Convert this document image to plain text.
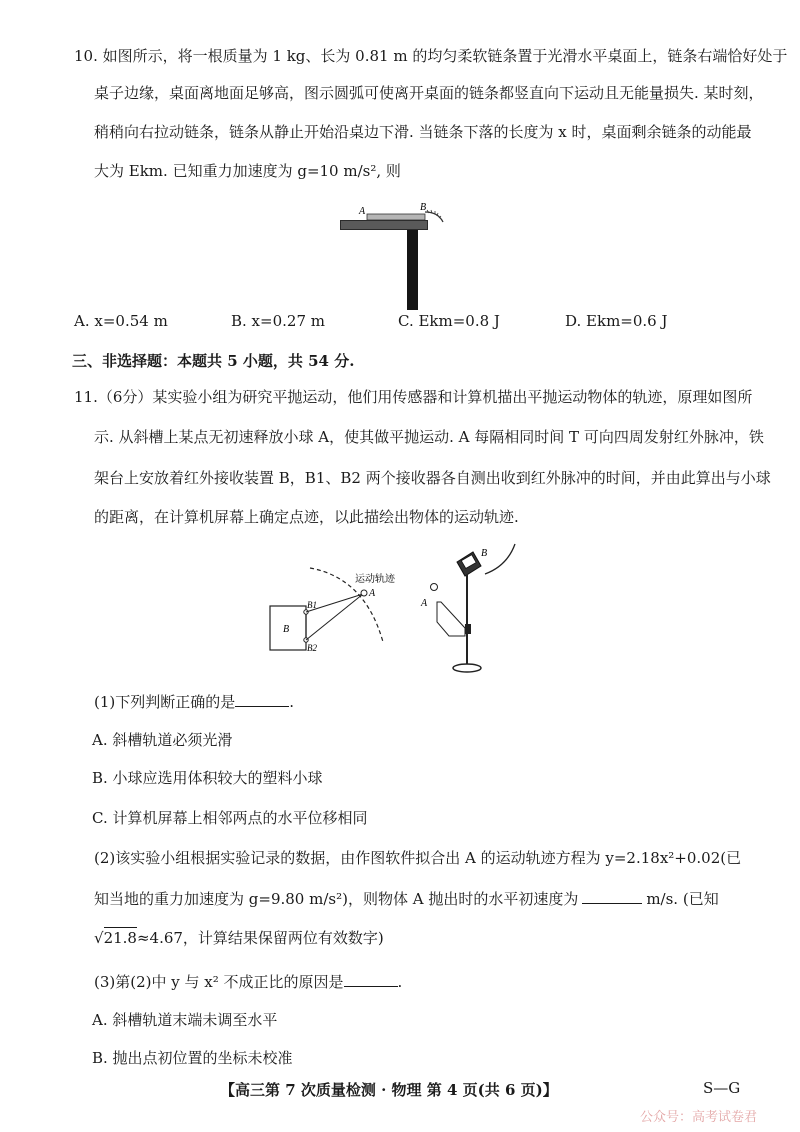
10. 如图所示，将一根质量为 1 kg、长为 0.81 m 的均匀柔软链条置于光滑水平桌面上，链条右端恰好处于
桌子边缘，桌面离地面足够高，图示圆弧可使离开桌面的链条都竖直向下运动且无能量损失. 某时刻，
稍稍向右拉动链条，链条从静止开始沿桌边下滑. 当链条下落的长度为 x 时，桌面剩余链条的动能最
大为 Ekm. 已知重力加速度为 g=10 m/s², 则
A	B
A. x=0.54 m	B. x=0.27 m	C. Ekm=0.8 J	D. Ekm=0.6 J
三、非选择题：本题共 5 小题，共 54 分.
11.（6分）某实验小组为研究平抛运动，他们用传感器和计算机描出平抛运动物体的轨迹，原理如图所
示. 从斜槽上某点无初速释放小球 A，使其做平抛运动. A 每隔相同时间 T 可向四周发射红外脉冲，铁
架台上安放着红外接收装置 B，B1、B2 两个接收器各自测出收到红外脉冲的时间，并由此算出与小球
的距离，在计算机屏幕上确定点迹，以此描绘出物体的运动轨迹.
运动轨迹
A
B
B1
B2
A
B
(1)下列判断正确的是	.
A. 斜槽轨道必须光滑
B. 小球应选用体积较大的塑料小球
C. 计算机屏幕上相邻两点的水平位移相同
(2)该实验小组根据实验记录的数据，由作图软件拟合出 A 的运动轨迹方程为 y=2.18x²+0.02(已
知当地的重力加速度为 g=9.80 m/s²)，则物体 A 抛出时的水平初速度为	m/s. (已知
√21.8≈4.67，计算结果保留两位有效数字)
(3)第(2)中 y 与 x² 不成正比的原因是	.
A. 斜槽轨道末端未调至水平
B. 抛出点初位置的坐标未校准
【高三第 7 次质量检测 · 物理 第 4 页(共 6 页)】	S—G
公众号：高考试卷君
